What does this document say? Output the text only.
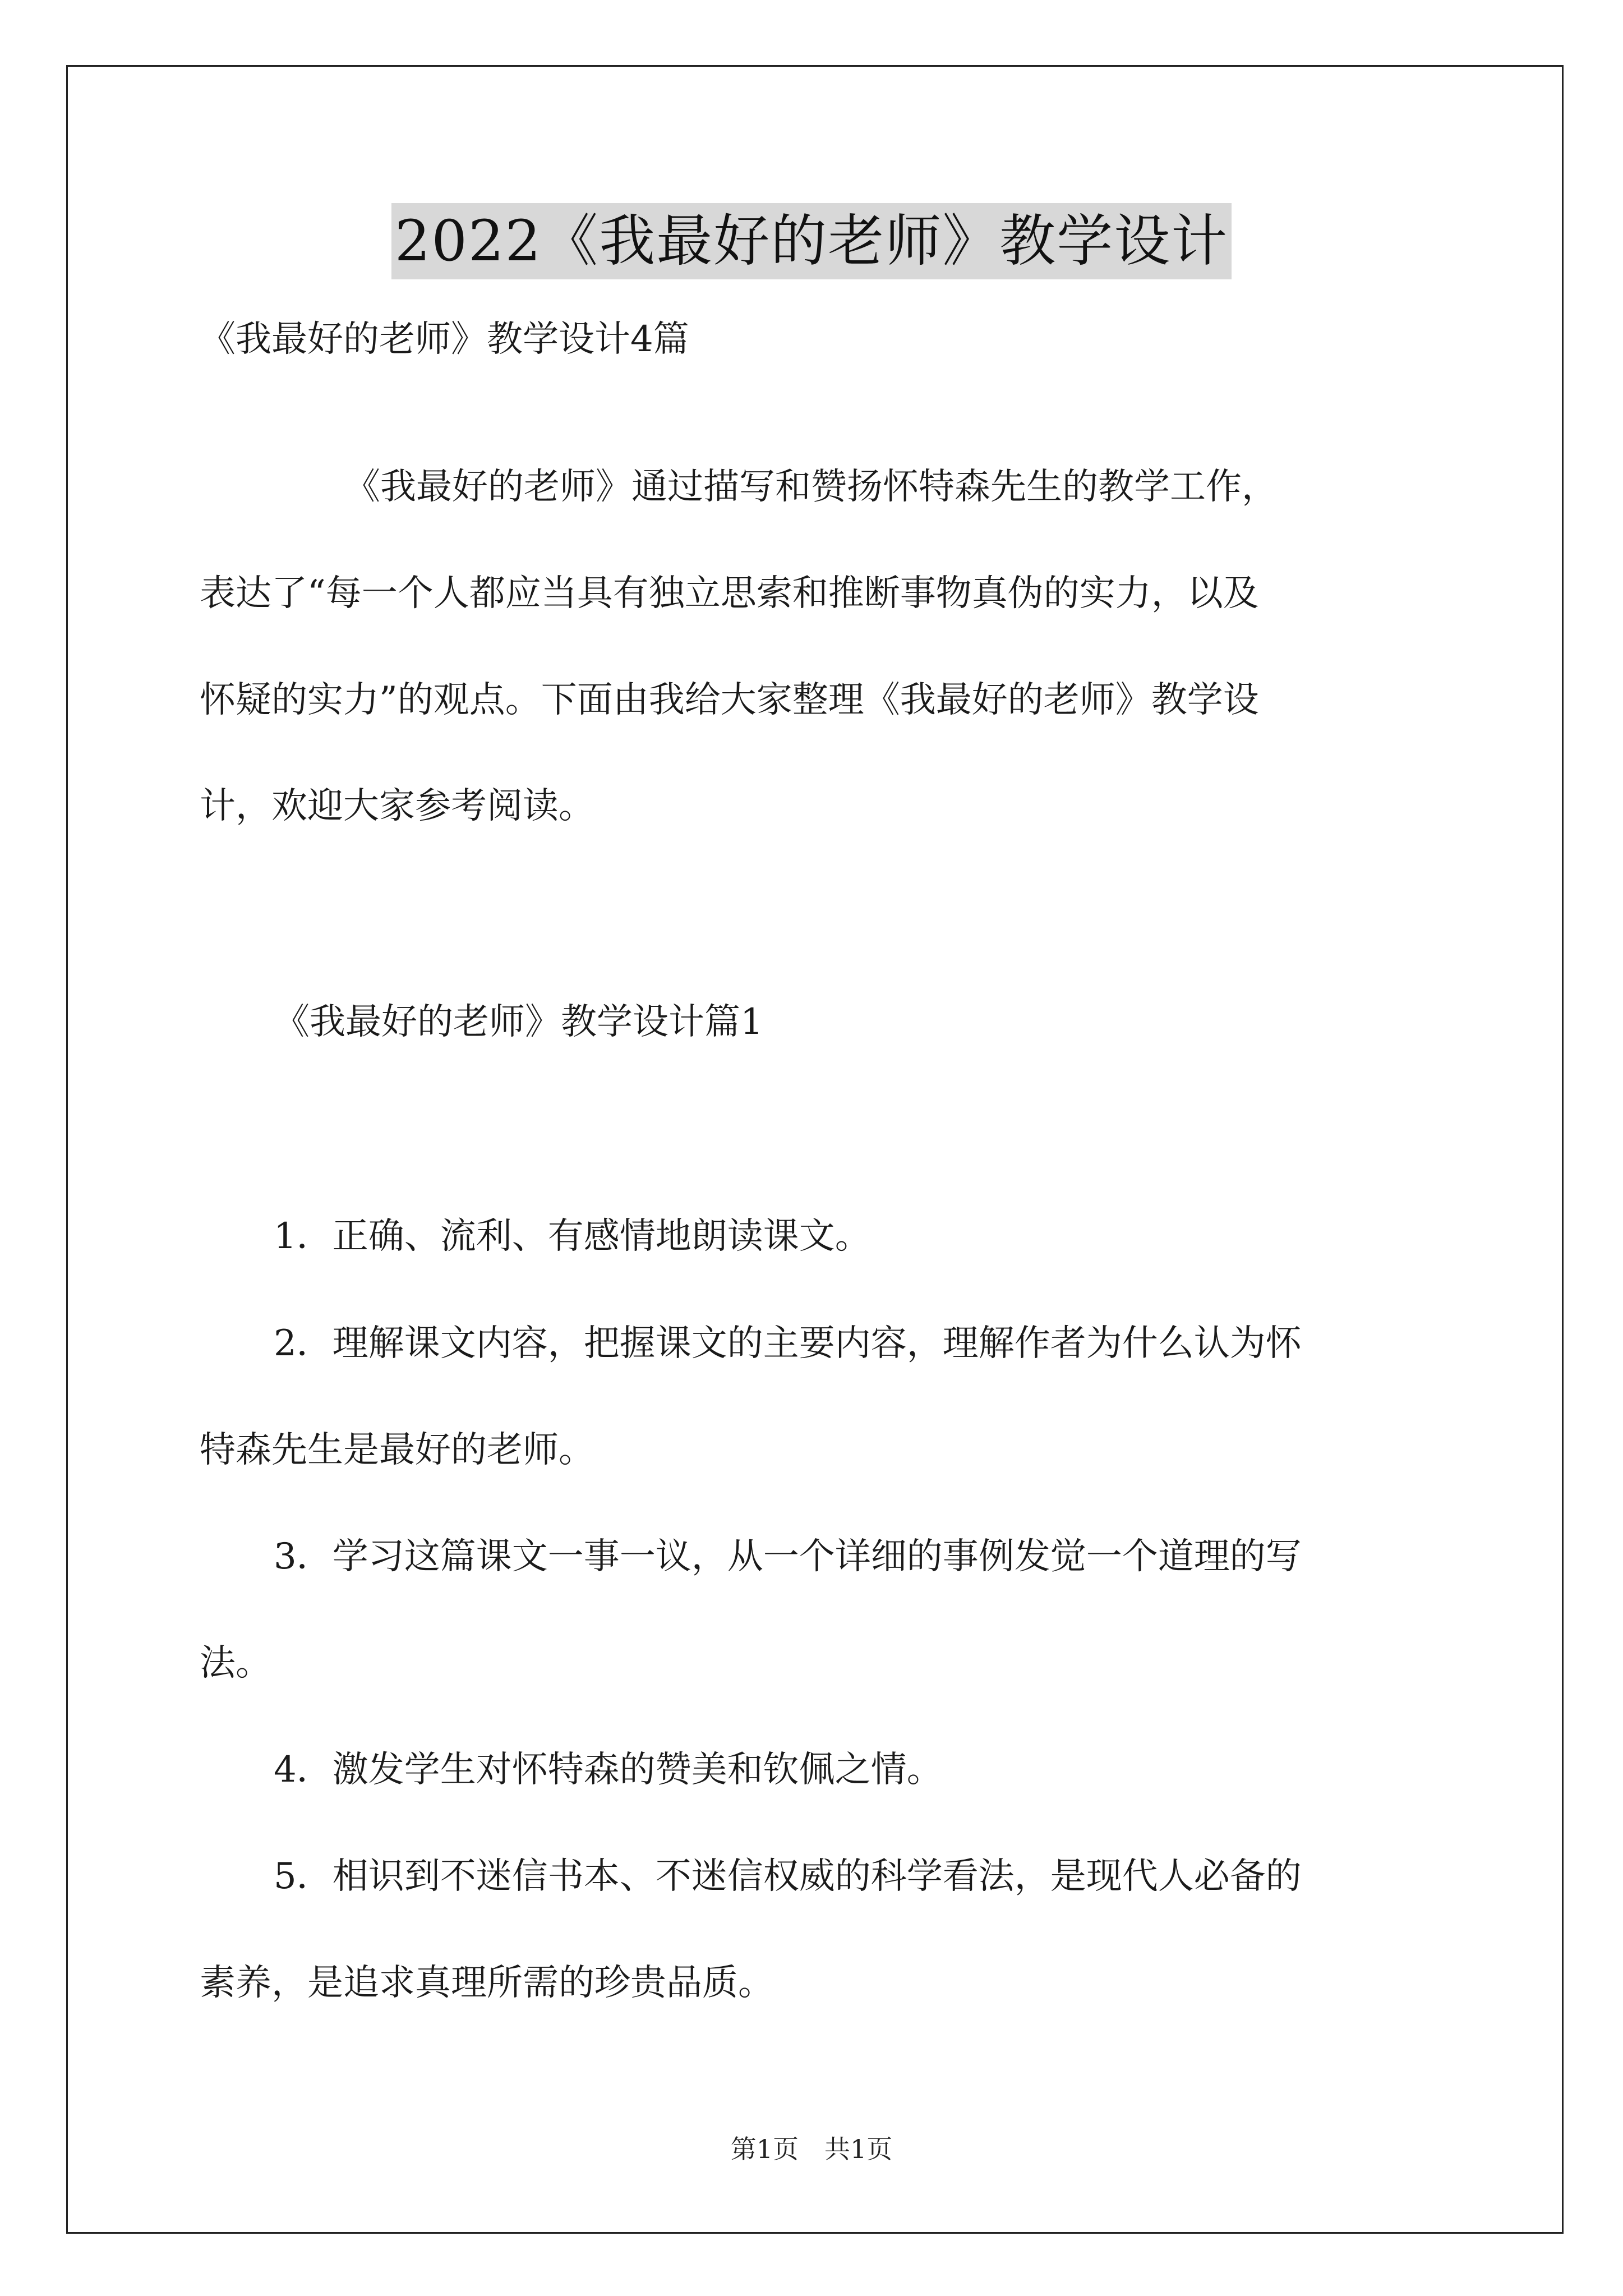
2022《我最好的老师》教学设计
《我最好的老师》教学设计4篇
《我最好的老师》通过描写和赞扬怀特森先生的教学工作，
表达了“每一个人都应当具有独立思索和推断事物真伪的实力，以及
怀疑的实力”的观点。下面由我给大家整理《我最好的老师》教学设
计，欢迎大家参考阅读。
《我最好的老师》教学设计篇1
1．正确、流利、有感情地朗读课文。
2．理解课文内容，把握课文的主要内容，理解作者为什么认为怀
特森先生是最好的老师。
3．学习这篇课文一事一议，从一个详细的事例发觉一个道理的写
法。
4．激发学生对怀特森的赞美和钦佩之情。
5．相识到不迷信书本、不迷信权威的科学看法，是现代人必备的
素养，是追求真理所需的珍贵品质。
第1页　共1页
